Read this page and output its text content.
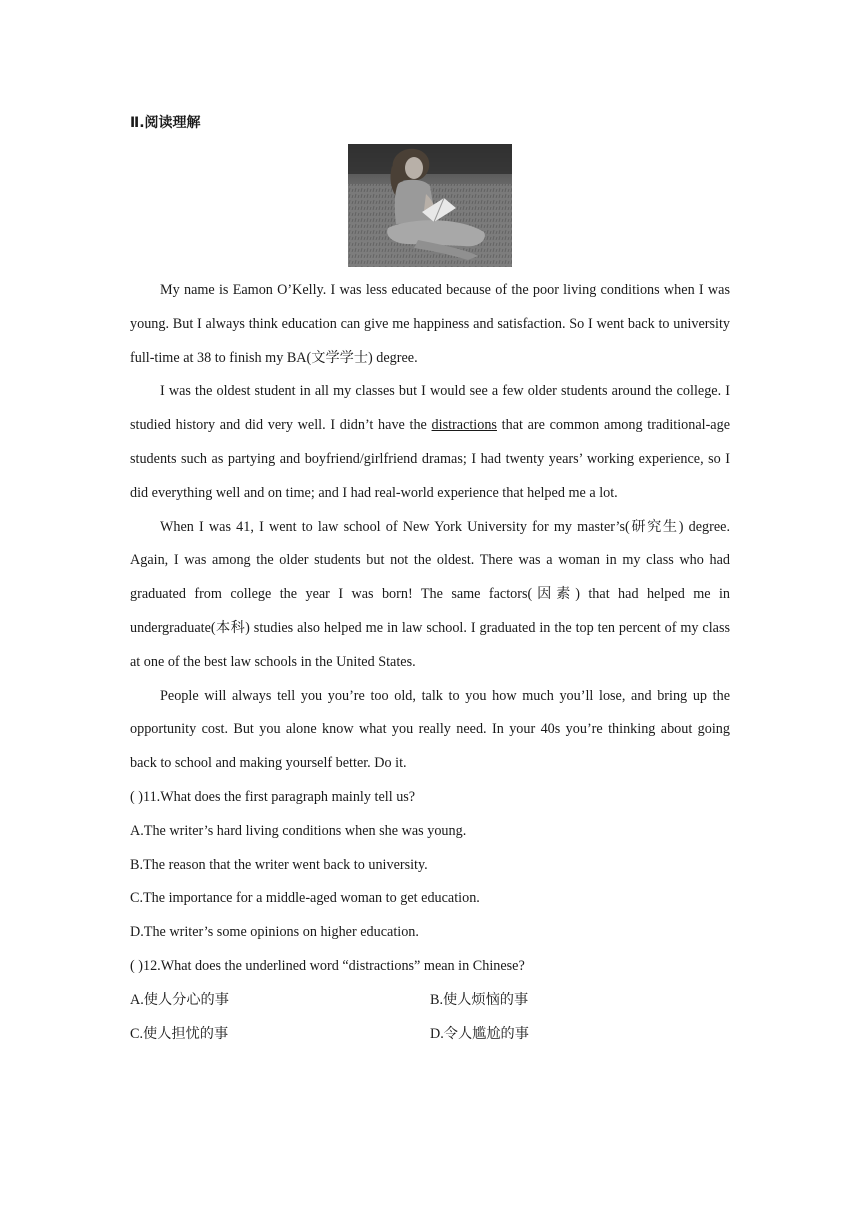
Ⅱ.阅读理解

My name is Eamon O’Kelly. I was less educated because of the poor living conditions when I was young. But I always think education can give me happiness and satisfaction. So I went back to university full-time at 38 to finish my BA(文学学士) degree.

I was the oldest student in all my classes but I would see a few older students around the college. I studied history and did very well. I didn’t have the distractions that are common among traditional-age students such as partying and boyfriend/girlfriend dramas; I had twenty years’ working experience, so I did everything well and on time; and I had real-world experience that helped me a lot.

When I was 41, I went to law school of New York University for my master’s(研究生) degree. Again, I was among the older students but not the oldest. There was a woman in my class who had graduated from college the year I was born! The same factors(因素) that had helped me in undergraduate(本科) studies also helped me in law school. I graduated in the top ten percent of my class at one of the best law schools in the United States.

People will always tell you you’re too old, talk to you how much you’ll lose, and bring up the opportunity cost. But you alone know what you really need. In your 40s you’re thinking about going back to school and making yourself better. Do it.

( )11.What does the first paragraph mainly tell us?

A.The writer’s hard living conditions when she was young.

B.The reason that the writer went back to university.

C.The importance for a middle-aged woman to get education.

D.The writer’s some opinions on higher education.

( )12.What does the underlined word “distractions” mean in Chinese?

A.使人分心的事	B.使人烦恼的事
C.使人担忧的事	D.令人尴尬的事
